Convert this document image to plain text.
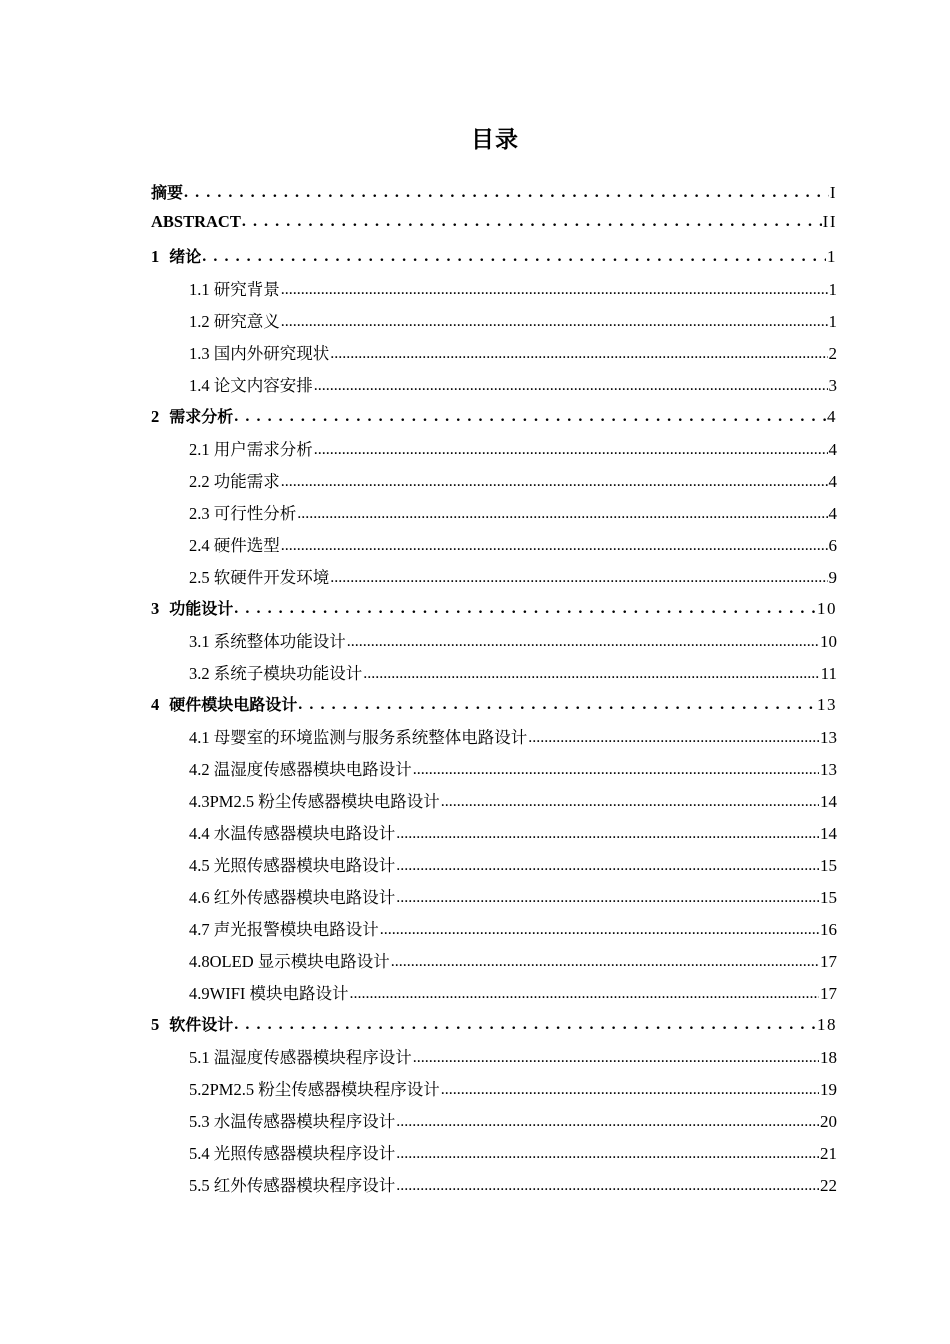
目录
摘要 . . .	I
ABSTRACT . . .	II
1 绪论 . . .	1
1.1 研究背景 .....	1
1.2 研究意义 .....	1
1.3 国内外研究现状 .....	2
1.4 论文内容安排 .....	3
2 需求分析 . . .	4
2.1 用户需求分析 .....	4
2.2 功能需求 .....	4
2.3 可行性分析 .....	4
2.4 硬件选型 .....	6
2.5 软硬件开发环境 .....	9
3 功能设计 . . .	10
3.1 系统整体功能设计 .....	10
3.2 系统子模块功能设计 .....	11
4 硬件模块电路设计 . . .	13
4.1 母婴室的环境监测与服务系统整体电路设计 .....	13
4.2 温湿度传感器模块电路设计 .....	13
4.3PM2.5 粉尘传感器模块电路设计 .....	14
4.4 水温传感器模块电路设计 .....	14
4.5 光照传感器模块电路设计 .....	15
4.6 红外传感器模块电路设计 .....	15
4.7 声光报警模块电路设计 .....	16
4.8OLED 显示模块电路设计 .....	17
4.9WIFI 模块电路设计 .....	17
5 软件设计 . . .	18
5.1 温湿度传感器模块程序设计 .....	18
5.2PM2.5 粉尘传感器模块程序设计 .....	19
5.3 水温传感器模块程序设计 .....	20
5.4 光照传感器模块程序设计 .....	21
5.5 红外传感器模块程序设计 .....	22
